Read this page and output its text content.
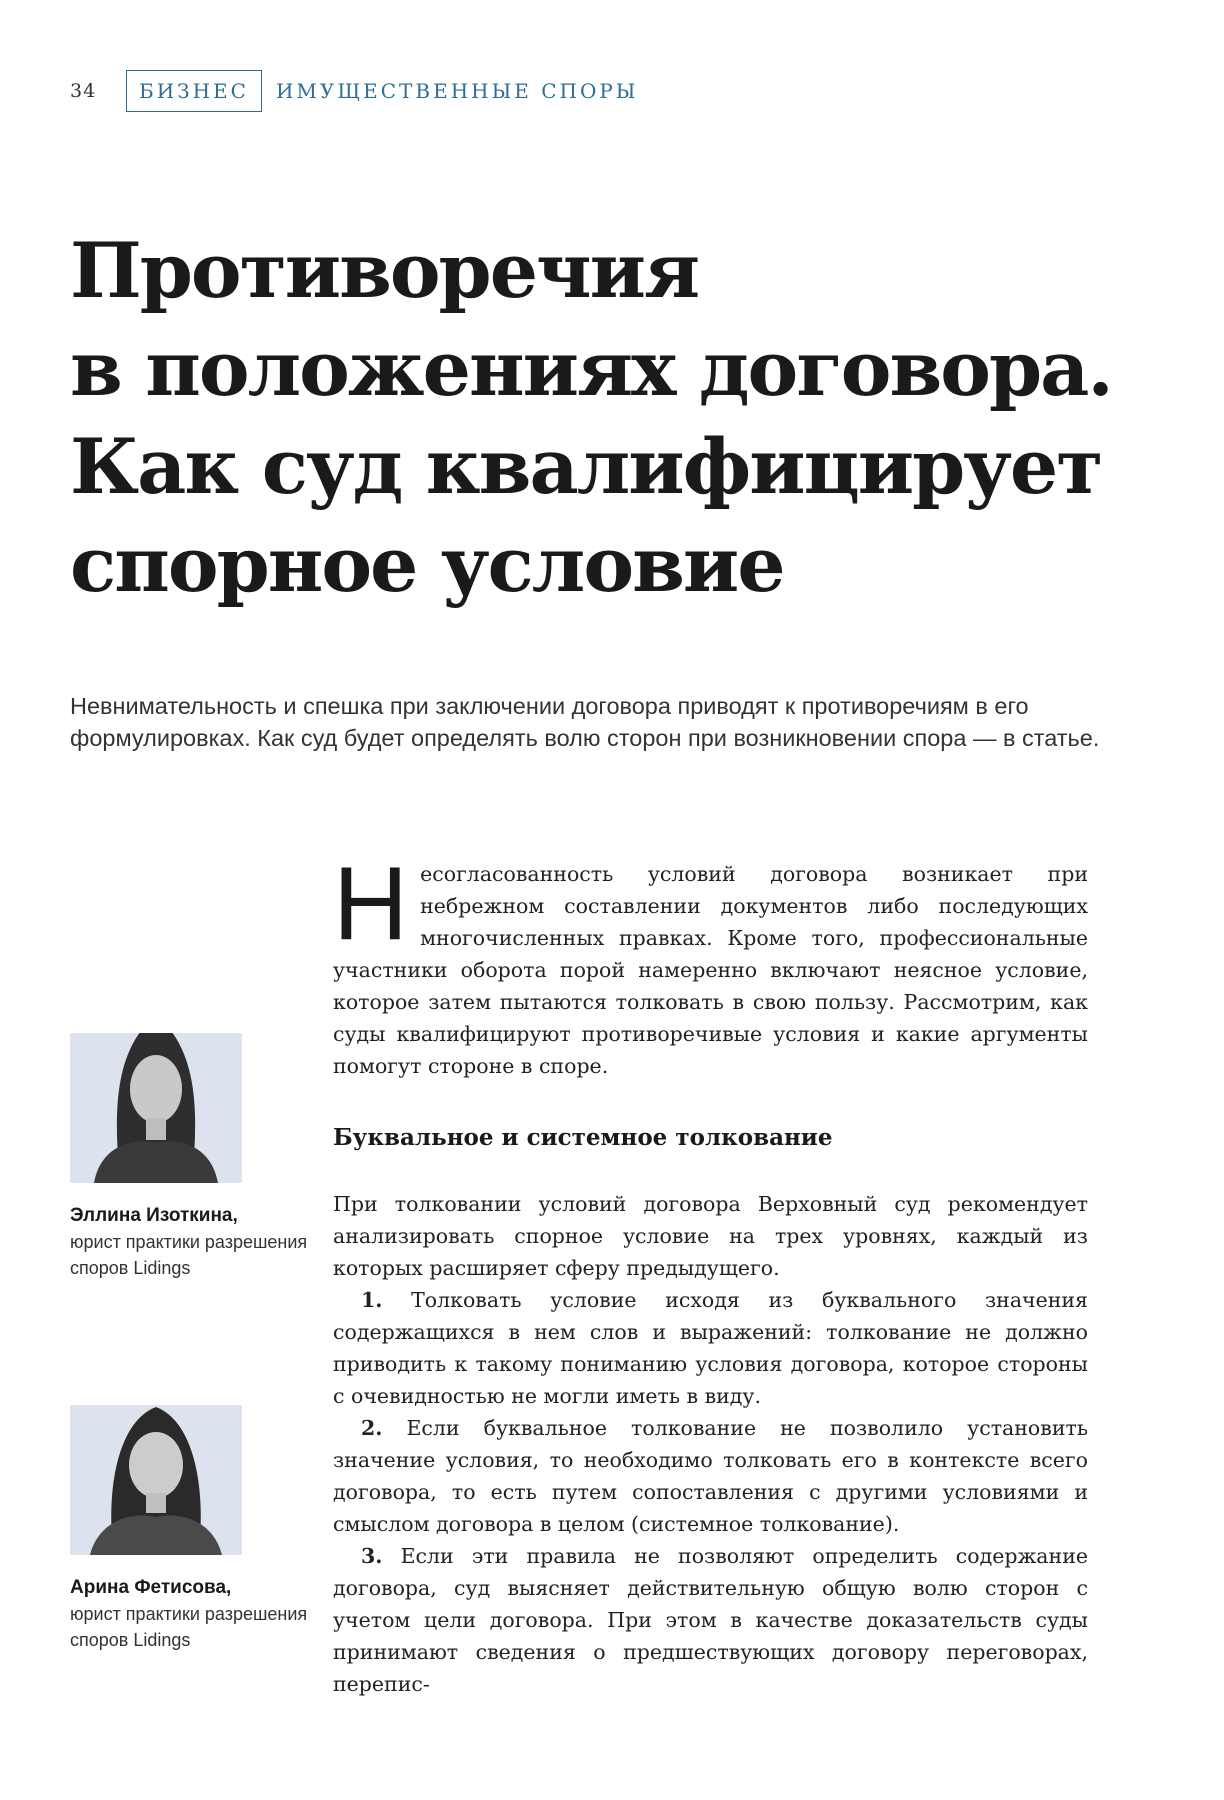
34	БИЗНЕС	ИМУЩЕСТВЕННЫЕ СПОРЫ
Противоречия
в положениях договора.
Как суд квалифицирует
спорное условие

Невнимательность и спешка при заключении договора приводят к противоречиям в его формулировках. Как суд будет определять волю сторон при возникновении спора — в статье.

Эллина Изоткина,
юрист практики разрешения споров Lidings
Арина Фетисова,
юрист практики разрешения споров Lidings

Несогласованность условий договора возникает при небрежном составлении документов либо последующих многочисленных правках. Кроме того, профессиональные участники оборота порой намеренно включают неясное условие, которое затем пытаются толковать в свою пользу. Рассмотрим, как суды квалифицируют противоречивые условия и какие аргументы помогут стороне в споре.

Буквальное и системное толкование

При толковании условий договора Верховный суд рекомендует анализировать спорное условие на трех уровнях, каждый из которых расширяет сферу предыдущего.

1. Толковать условие исходя из буквального значения содержащихся в нем слов и выражений: толкование не должно приводить к такому пониманию условия договора, которое стороны с очевидностью не могли иметь в виду.

2. Если буквальное толкование не позволило установить значение условия, то необходимо толковать его в контексте всего договора, то есть путем сопоставления с другими условиями и смыслом договора в целом (системное толкование).

3. Если эти правила не позволяют определить содержание договора, суд выясняет действительную общую волю сторон с учетом цели договора. При этом в качестве доказательств суды принимают сведения о предшествующих договору переговорах, перепис-
